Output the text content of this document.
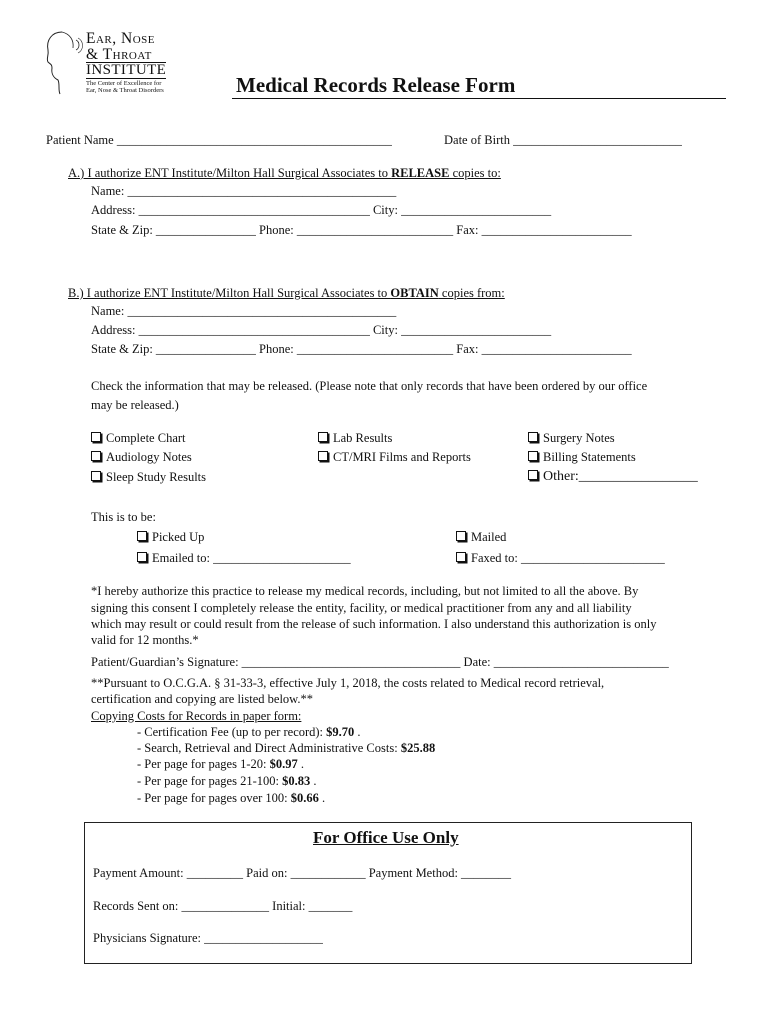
Ear, Nose
& Throat
INSTITUTE
The Center of Excellence for
Ear, Nose & Throat Disorders	Medical Records Release Form
Patient Name ____________________________________________	Date of Birth ___________________________
A.) I authorize ENT Institute/Milton Hall Surgical Associates to RELEASE copies to:
Name: ___________________________________________
Address: _____________________________________ City: ________________________
State & Zip: ________________ Phone: _________________________ Fax: ________________________
B.) I authorize ENT Institute/Milton Hall Surgical Associates to OBTAIN copies from:
Name: ___________________________________________
Address: _____________________________________ City: ________________________
State & Zip: ________________ Phone: _________________________ Fax: ________________________
Check the information that may be released. (Please note that only records that have been ordered by our office
may be released.)
Complete Chart
Audiology Notes
Sleep Study Results
Lab Results
CT/MRI Films and Reports
Surgery Notes
Billing Statements
Other:_________________
This is to be:
Picked Up
Emailed to: ______________________
Mailed
Faxed to: _______________________
*I hereby authorize this practice to release my medical records, including, but not limited to all the above. By
signing this consent I completely release the entity, facility, or medical practitioner from any and all liability
which may result or could result from the release of such information. I also understand this authorization is only
valid for 12 months.*
Patient/Guardian’s Signature: ___________________________________ Date: ____________________________
**Pursuant to O.C.G.A. § 31-33-3, effective July 1, 2018, the costs related to Medical record retrieval,
certification and copying are listed below.**
Copying Costs for Records in paper form:
- Certification Fee (up to per record): $9.70 .
- Search, Retrieval and Direct Administrative Costs: $25.88
- Per page for pages 1-20: $0.97 .
- Per page for pages 21-100: $0.83 .
- Per page for pages over 100: $0.66 .
For Office Use Only
Payment Amount: _________ Paid on: ____________ Payment Method: ________
Records Sent on: ______________ Initial: _______
Physicians Signature: ___________________
